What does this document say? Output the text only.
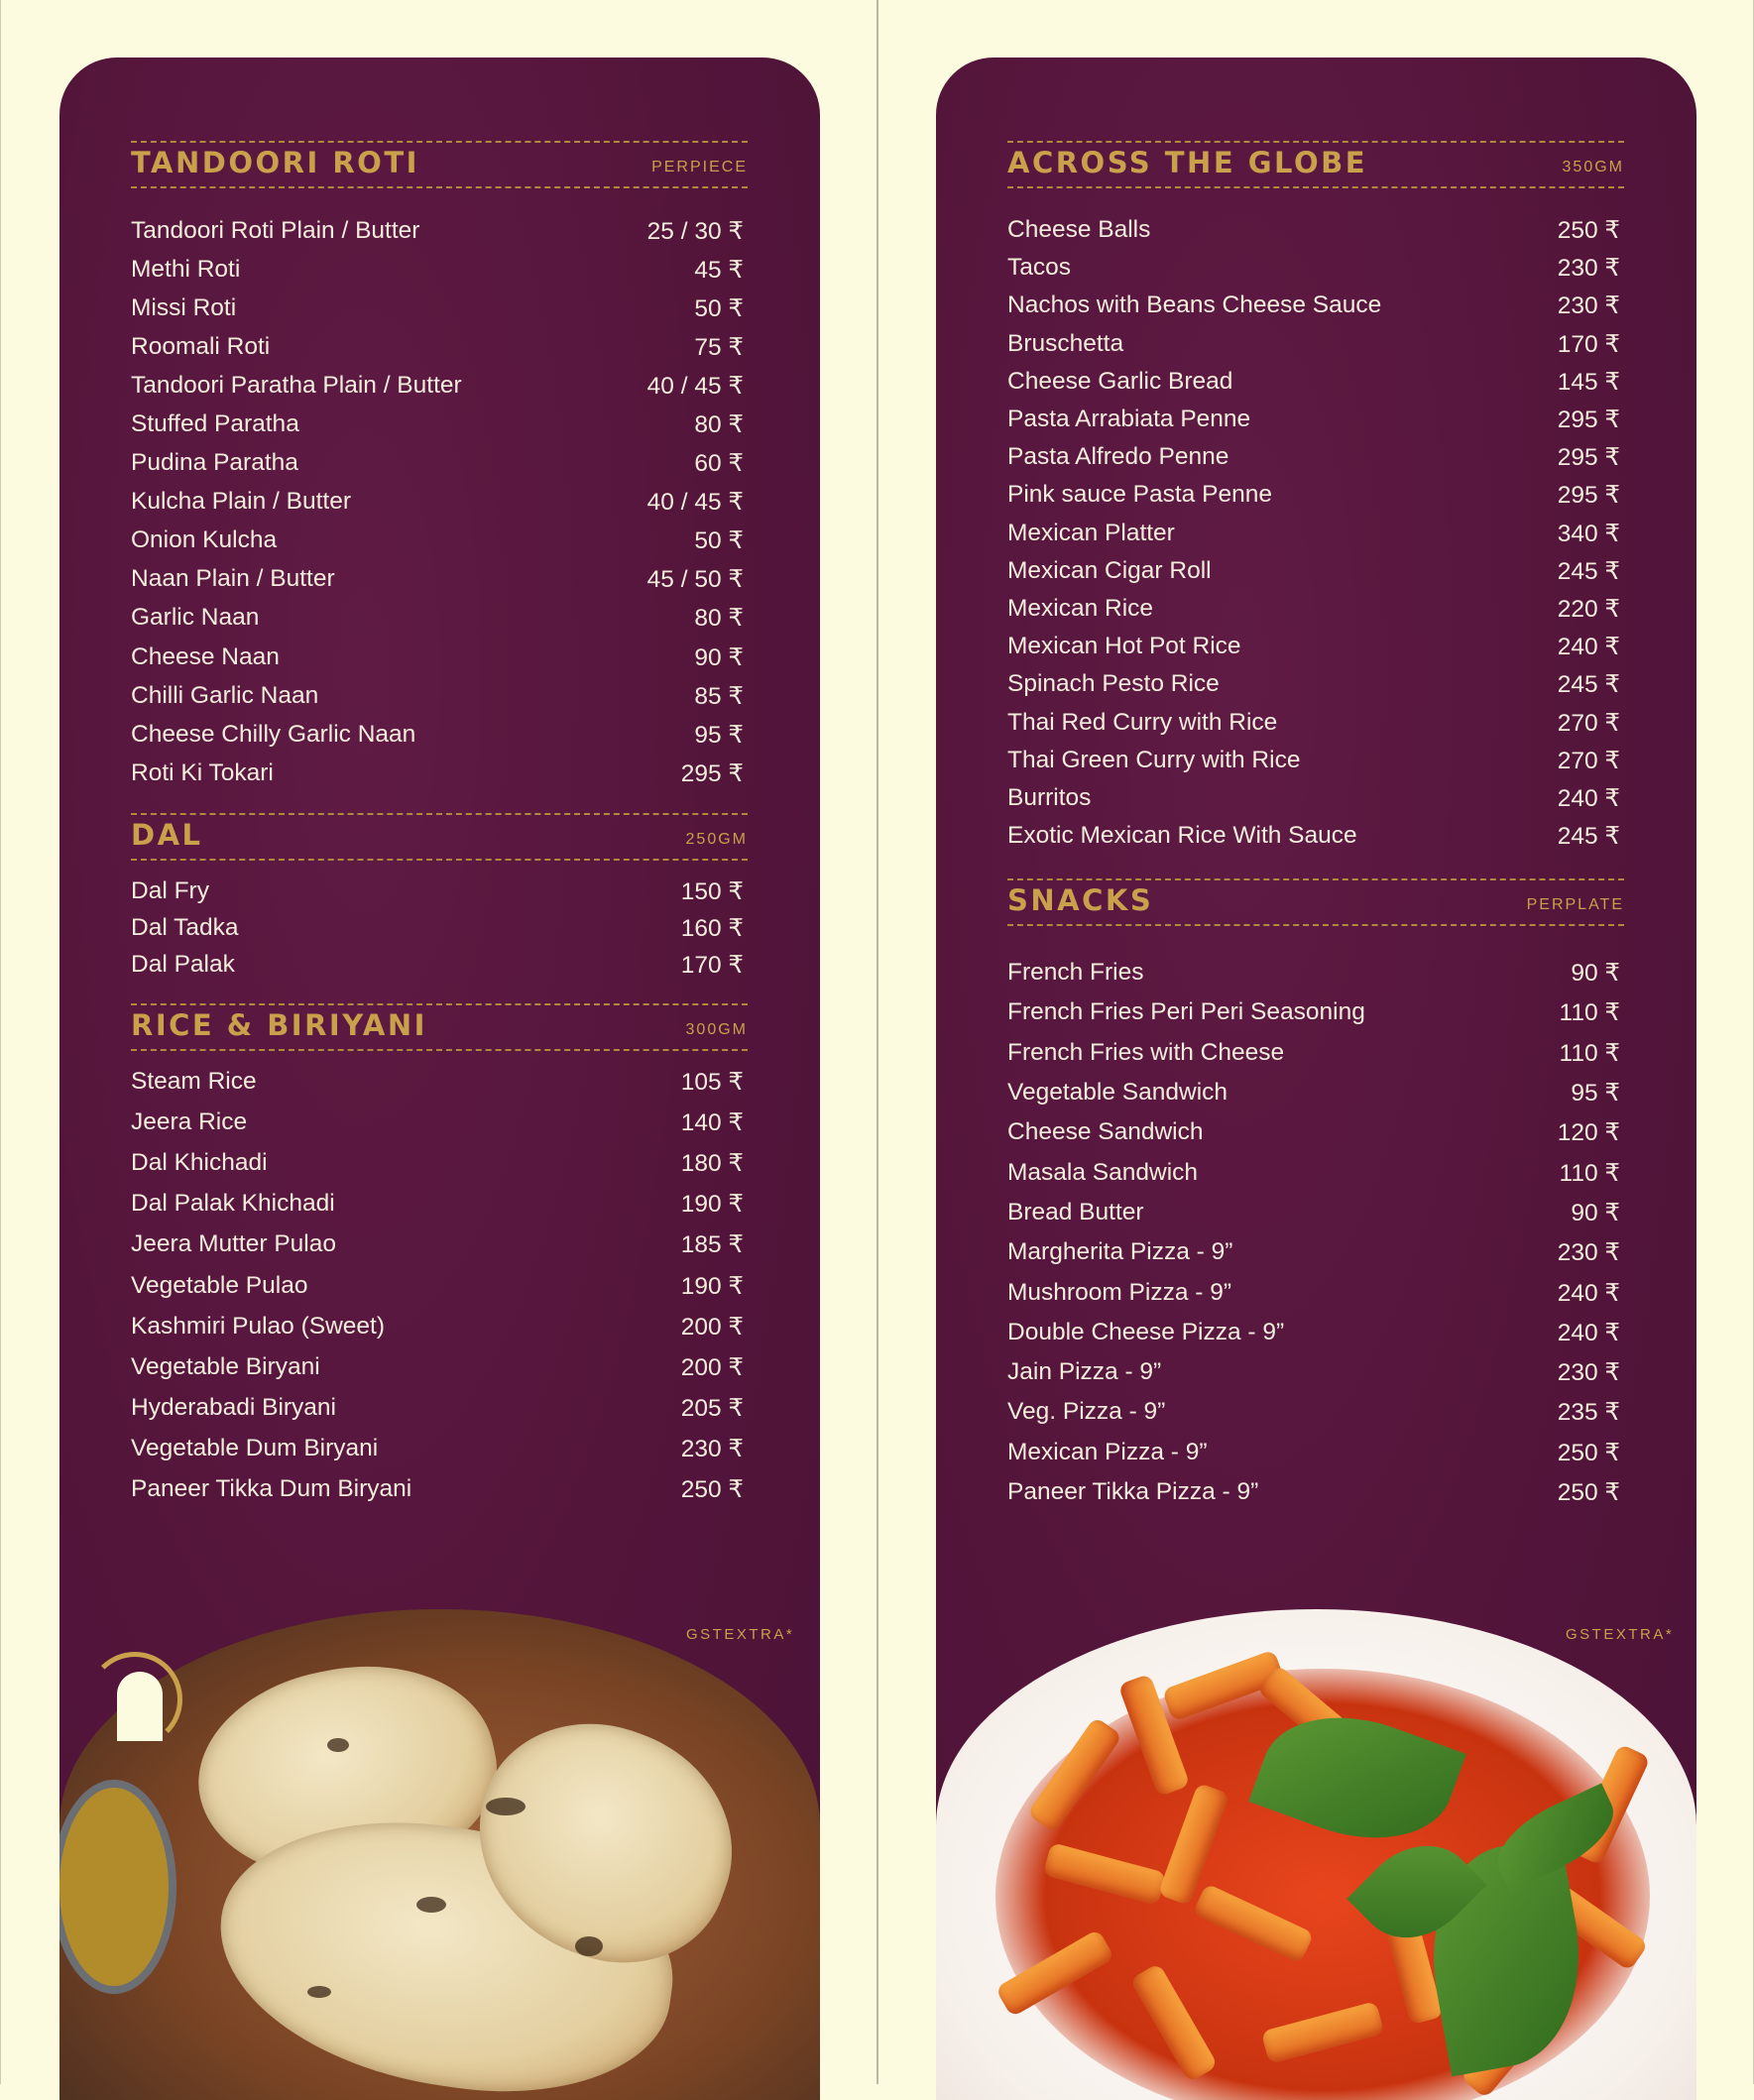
TANDOORI ROTI	PERPIECE
Tandoori Roti Plain / Butter	25 / 30 ₹
Methi Roti	45 ₹
Missi Roti	50 ₹
Roomali Roti	75 ₹
Tandoori Paratha Plain / Butter	40 / 45 ₹
Stuffed Paratha	80 ₹
Pudina Paratha	60 ₹
Kulcha Plain / Butter	40 / 45 ₹
Onion Kulcha	50 ₹
Naan Plain / Butter	45 / 50 ₹
Garlic Naan	80 ₹
Cheese Naan	90 ₹
Chilli Garlic Naan	85 ₹
Cheese Chilly Garlic Naan	95 ₹
Roti Ki Tokari	295 ₹
DAL	250GM
Dal Fry	150 ₹
Dal Tadka	160 ₹
Dal Palak	170 ₹
RICE & BIRIYANI	300GM
Steam Rice	105 ₹
Jeera Rice	140 ₹
Dal Khichadi	180 ₹
Dal Palak Khichadi	190 ₹
Jeera Mutter Pulao	185 ₹
Vegetable Pulao	190 ₹
Kashmiri Pulao (Sweet)	200 ₹
Vegetable Biryani	200 ₹
Hyderabadi Biryani	205 ₹
Vegetable Dum Biryani	230 ₹
Paneer Tikka Dum Biryani	250 ₹
GSTEXTRA*
ACROSS THE GLOBE	350GM
Cheese Balls	250 ₹
Tacos	230 ₹
Nachos with Beans Cheese Sauce	230 ₹
Bruschetta	170 ₹
Cheese Garlic Bread	145 ₹
Pasta Arrabiata Penne	295 ₹
Pasta Alfredo Penne	295 ₹
Pink sauce Pasta Penne	295 ₹
Mexican Platter	340 ₹
Mexican Cigar Roll	245 ₹
Mexican Rice	220 ₹
Mexican Hot Pot Rice	240 ₹
Spinach Pesto Rice	245 ₹
Thai Red Curry with Rice	270 ₹
Thai Green Curry with Rice	270 ₹
Burritos	240 ₹
Exotic Mexican Rice With Sauce	245 ₹
SNACKS	PERPLATE
French Fries	90 ₹
French Fries Peri Peri Seasoning	110 ₹
French Fries with Cheese	110 ₹
Vegetable Sandwich	95 ₹
Cheese Sandwich	120 ₹
Masala Sandwich	110 ₹
Bread Butter	90 ₹
Margherita Pizza - 9”	230 ₹
Mushroom Pizza - 9”	240 ₹
Double Cheese Pizza - 9”	240 ₹
Jain Pizza - 9”	230 ₹
Veg. Pizza - 9”	235 ₹
Mexican Pizza - 9”	250 ₹
Paneer Tikka Pizza - 9”	250 ₹
GSTEXTRA*
